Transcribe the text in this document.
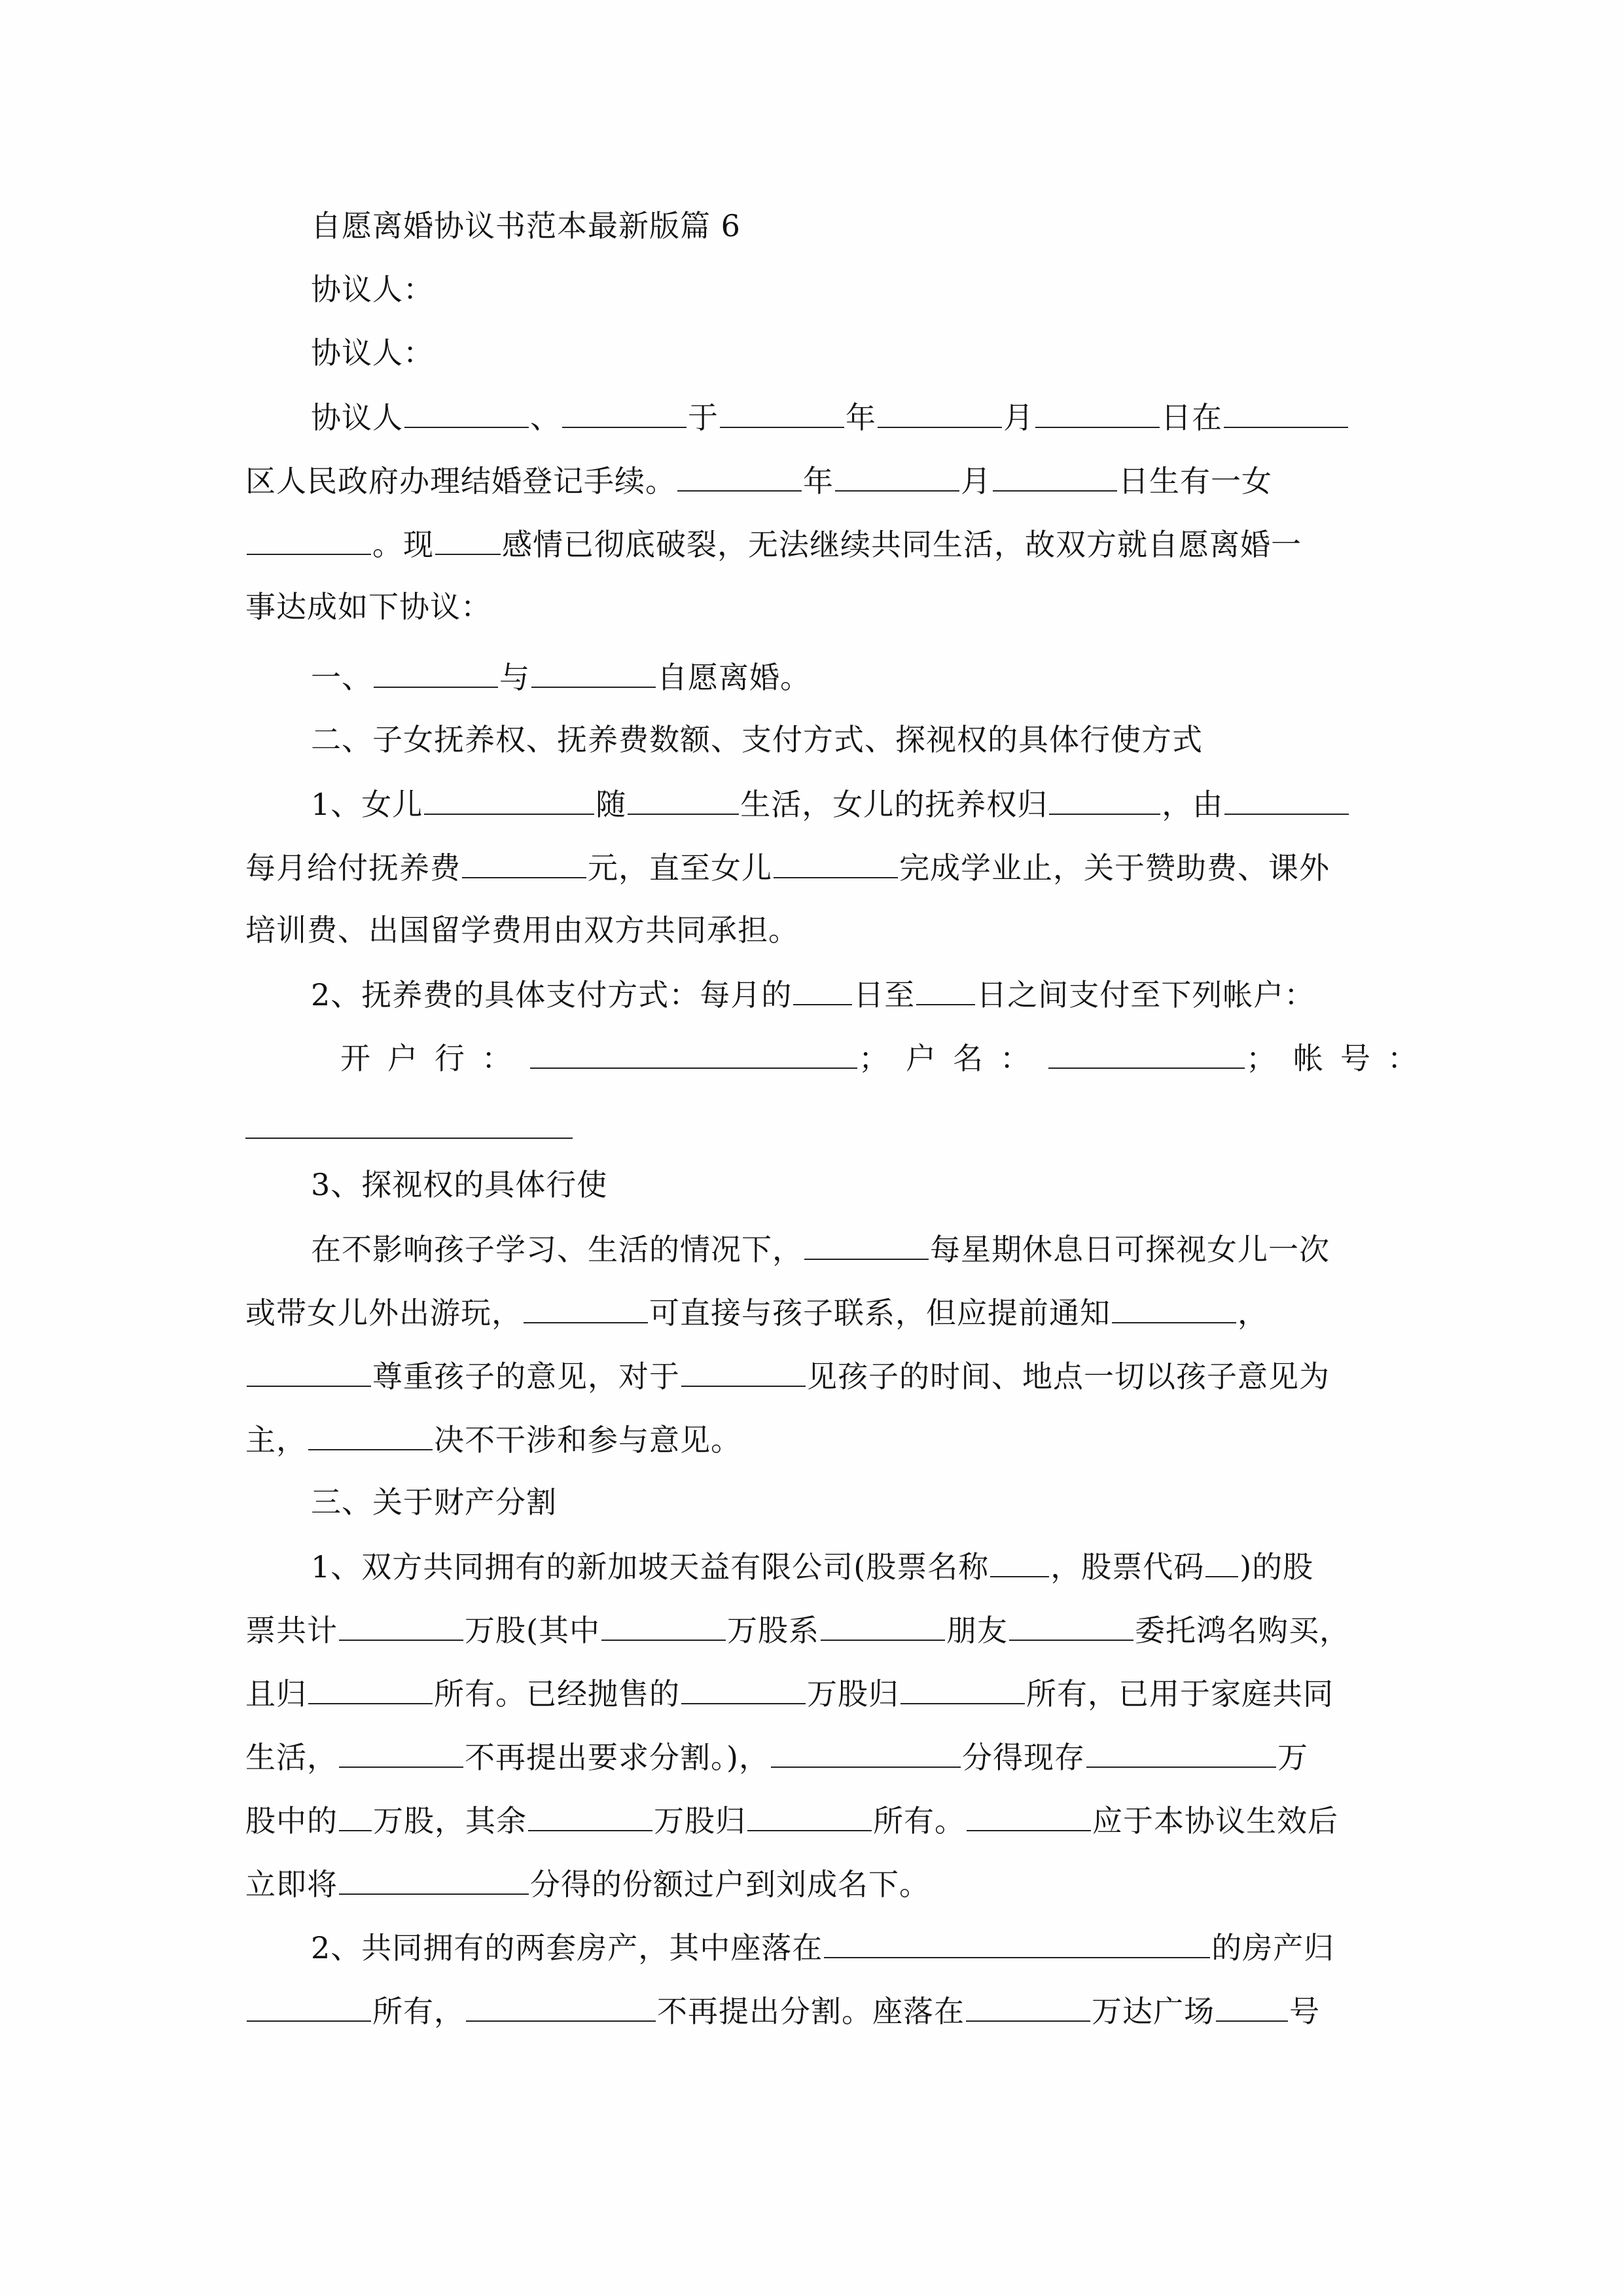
自愿离婚协议书范本最新版篇 6
协议人：
协议人：
协议人	、	于	年	月	日在
区人民政府办理结婚登记手续。	年	月	日生有一女
。现 感情已彻底破裂，无法继续共同生活，故双方就自愿离婚一
事达成如下协议：
一、	与	自愿离婚。
二、子女抚养权、抚养费数额、支付方式、探视权的具体行使方式
1、女儿	随	生活，女儿的抚养权归	，由
每月给付抚养费	元，直至女儿	完成学业止，关于赞助费、课外
培训费、出国留学费用由双方共同承担。
2、抚养费的具体支付方式：每月的 日至 日之间支付至下列帐户：
开户行：	；户名：	；帐号：
3、探视权的具体行使
在不影响孩子学习、生活的情况下，	每星期休息日可探视女儿一次
或带女儿外出游玩，	可直接与孩子联系，但应提前通知	，
尊重孩子的意见，对于	见孩子的时间、地点一切以孩子意见为
主，	决不干涉和参与意见。
三、关于财产分割
1、双方共同拥有的新加坡天益有限公司(股票名称 ，股票代码 )的股
票共计	万股(其中	万股系	朋友	委托鸿名购买，
且归	所有。已经抛售的	万股归	所有，已用于家庭共同
生活，	不再提出要求分割。)，	分得现存	万
股中的 万股，其余	万股归	所有。	应于本协议生效后
立即将	分得的份额过户到刘成名下。
2、共同拥有的两套房产，其中座落在	的房产归
所有，	不再提出分割。座落在	万达广场 号
